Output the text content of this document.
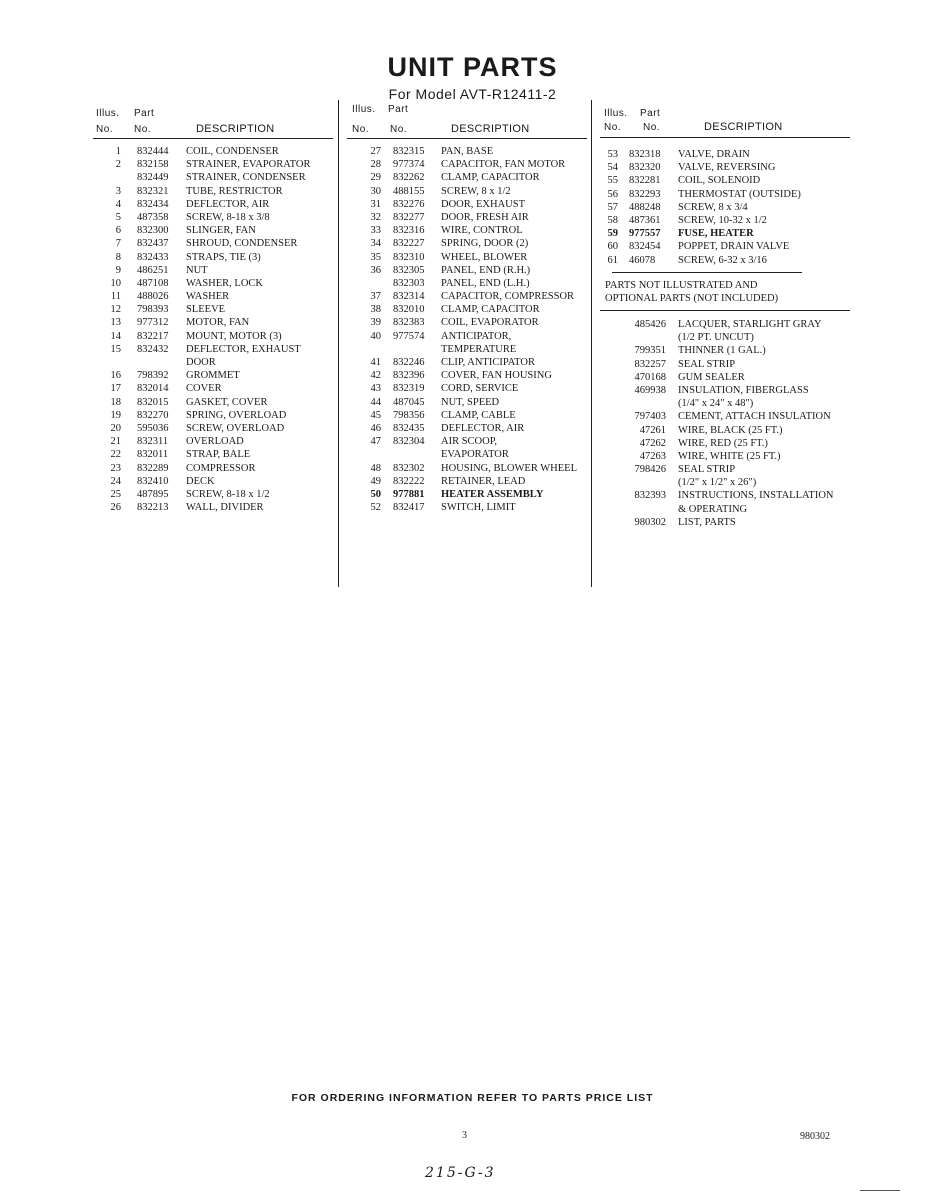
UNIT PARTS
For Model AVT-R12411-2
Illus. Part
No. No.	DESCRIPTION
Illus. Part
No. No.	DESCRIPTION
Illus. Part
No. No.	DESCRIPTION
1 832444 COIL, CONDENSER
2 832158 STRAINER, EVAPORATOR
832449 STRAINER, CONDENSER
3 832321 TUBE, RESTRICTOR
4 832434 DEFLECTOR, AIR
5 487358 SCREW, 8-18 x 3/8
6 832300 SLINGER, FAN
7 832437 SHROUD, CONDENSER
8 832433 STRAPS, TIE (3)
9 486251 NUT
10 487108 WASHER, LOCK
11 488026 WASHER
12 798393 SLEEVE
13 977312 MOTOR, FAN
14 832217 MOUNT, MOTOR (3)
15 832432 DEFLECTOR, EXHAUST
DOOR
16 798392 GROMMET
17 832014 COVER
18 832015 GASKET, COVER
19 832270 SPRING, OVERLOAD
20 595036 SCREW, OVERLOAD
21 832311 OVERLOAD
22 832011 STRAP, BALE
23 832289 COMPRESSOR
24 832410 DECK
25 487895 SCREW, 8-18 x 1/2
26 832213 WALL, DIVIDER
27 832315 PAN, BASE
28 977374 CAPACITOR, FAN MOTOR
29 832262 CLAMP, CAPACITOR
30 488155 SCREW, 8 x 1/2
31 832276 DOOR, EXHAUST
32 832277 DOOR, FRESH AIR
33 832316 WIRE, CONTROL
34 832227 SPRING, DOOR (2)
35 832310 WHEEL, BLOWER
36 832305 PANEL, END (R.H.)
832303 PANEL, END (L.H.)
37 832314 CAPACITOR, COMPRESSOR
38 832010 CLAMP, CAPACITOR
39 832383 COIL, EVAPORATOR
40 977574 ANTICIPATOR,
TEMPERATURE
41 832246 CLIP, ANTICIPATOR
42 832396 COVER, FAN HOUSING
43 832319 CORD, SERVICE
44 487045 NUT, SPEED
45 798356 CLAMP, CABLE
46 832435 DEFLECTOR, AIR
47 832304 AIR SCOOP,
EVAPORATOR
48 832302 HOUSING, BLOWER WHEEL
49 832222 RETAINER, LEAD
50 977881 HEATER ASSEMBLY
52 832417 SWITCH, LIMIT
53 832318 VALVE, DRAIN
54 832320 VALVE, REVERSING
55 832281 COIL, SOLENOID
56 832293 THERMOSTAT (OUTSIDE)
57 488248 SCREW, 8 x 3/4
58 487361 SCREW, 10-32 x 1/2
59 977557 FUSE, HEATER
60 832454 POPPET, DRAIN VALVE
61 46078 SCREW, 6-32 x 3/16
PARTS NOT ILLUSTRATED AND
OPTIONAL PARTS (NOT INCLUDED)
485426 LACQUER, STARLIGHT GRAY
(1/2 PT. UNCUT)
799351 THINNER (1 GAL.)
832257 SEAL STRIP
470168 GUM SEALER
469938 INSULATION, FIBERGLASS
(1/4" x 24" x 48")
797403 CEMENT, ATTACH INSULATION
47261 WIRE, BLACK (25 FT.)
47262 WIRE, RED (25 FT.)
47263 WIRE, WHITE (25 FT.)
798426 SEAL STRIP
(1/2" x 1/2" x 26")
832393 INSTRUCTIONS, INSTALLATION
& OPERATING
980302 LIST, PARTS
FOR ORDERING INFORMATION REFER TO PARTS PRICE LIST
3	980302
215-G-3
